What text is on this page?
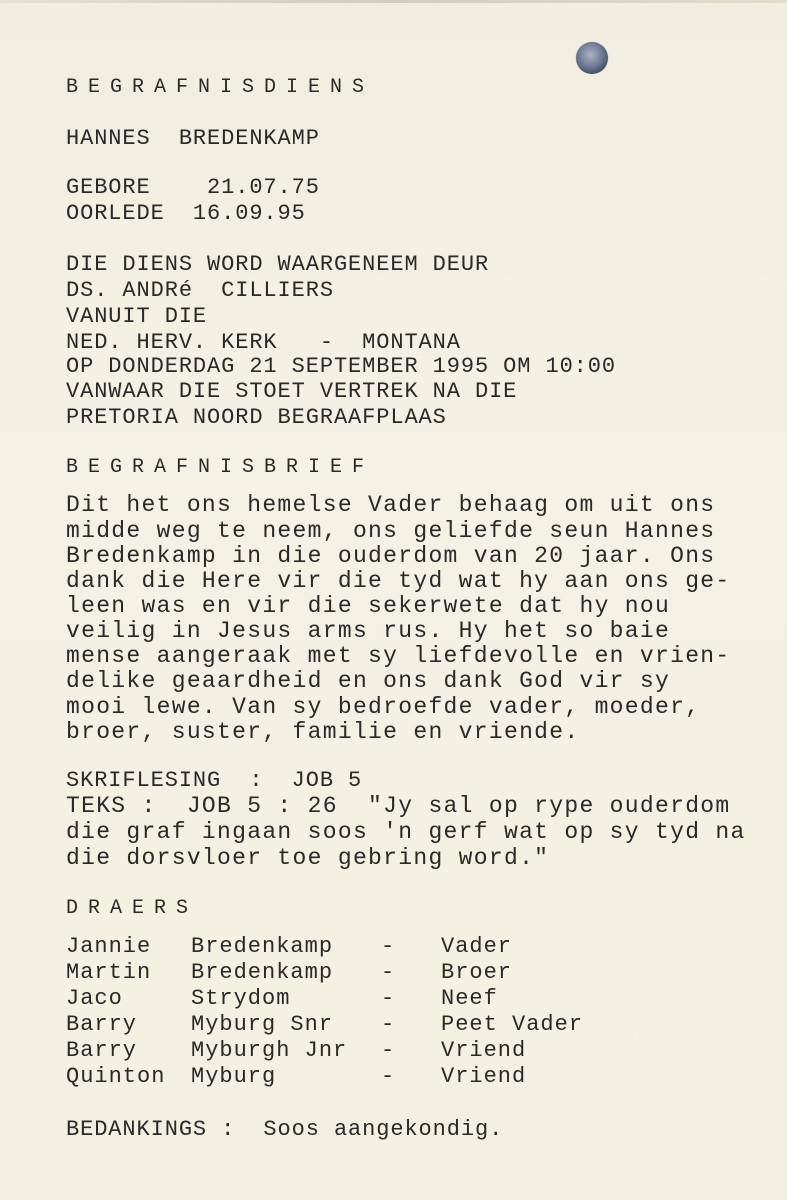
BEGRAFNISDIENS
HANNES  BREDENKAMP
GEBORE    21.07.75
OORLEDE  16.09.95
DIE DIENS WORD WAARGENEEM DEUR
DS. ANDRé  CILLIERS
VANUIT DIE
NED. HERV. KERK   -  MONTANA
OP DONDERDAG 21 SEPTEMBER 1995 OM 10:00
VANWAAR DIE STOET VERTREK NA DIE
PRETORIA NOORD BEGRAAFPLAAS
BEGRAFNISBRIEF
Dit het ons hemelse Vader behaag om uit ons
midde weg te neem, ons geliefde seun Hannes
Bredenkamp in die ouderdom van 20 jaar. Ons
dank die Here vir die tyd wat hy aan ons ge-
leen was en vir die sekerwete dat hy nou
veilig in Jesus arms rus. Hy het so baie
mense aangeraak met sy liefdevolle en vrien-
delike geaardheid en ons dank God vir sy
mooi lewe. Van sy bedroefde vader, moeder,
broer, suster, familie en vriende.
SKRIFLESING  :  JOB 5
TEKS :  JOB 5 : 26  "Jy sal op rype ouderdom
die graf ingaan soos 'n gerf wat op sy tyd na
die dorsvloer toe gebring word."
DRAERS
Jannie Bredenkamp - Vader
Martin Bredenkamp - Broer
Jaco	Strydom	- Neef
Barry Myburg Snr - Peet Vader
Barry Myburgh Jnr - Vriend
Quinton Myburg	- Vriend
BEDANKINGS :  Soos aangekondig.
